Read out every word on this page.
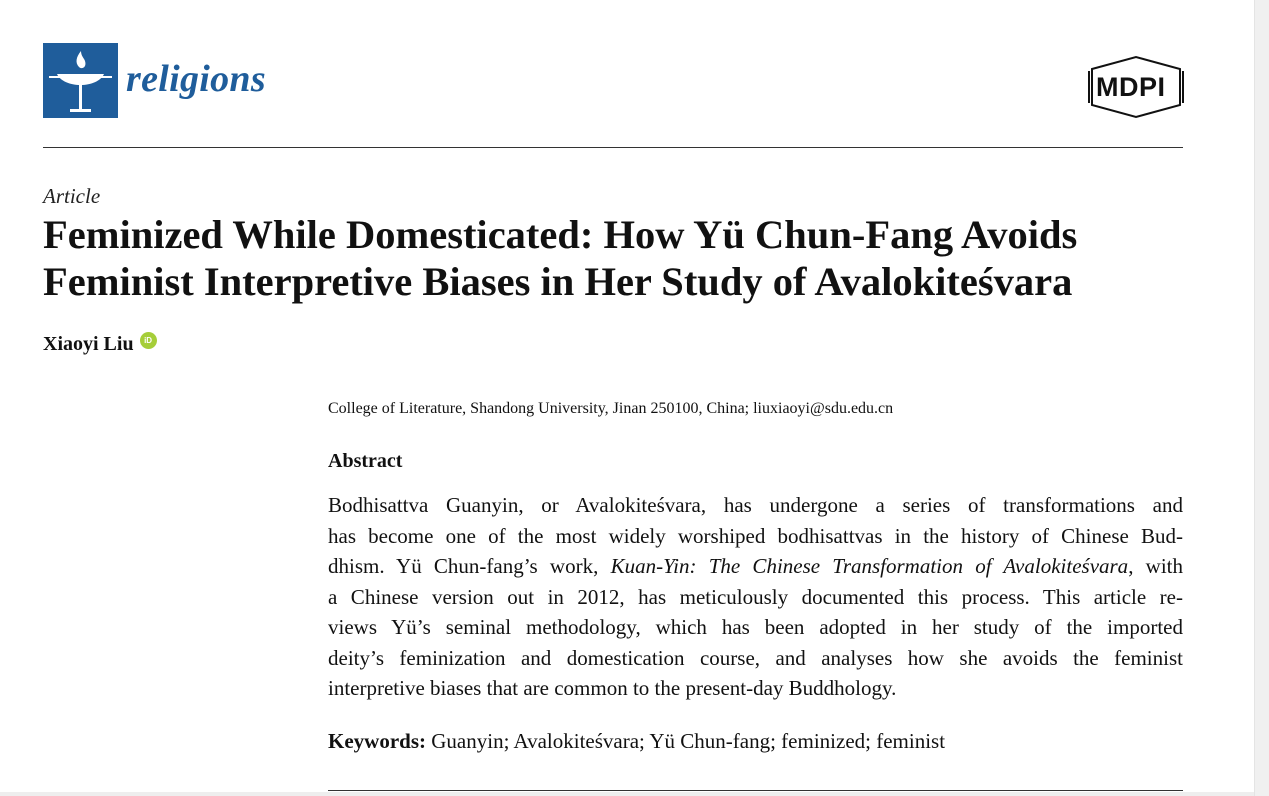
religions	MDPI
Article
Feminized While Domesticated: How Yü Chun-Fang Avoids
Feminist Interpretive Biases in Her Study of Avalokiteśvara
Xiaoyi Liu	iD
College of Literature, Shandong University, Jinan 250100, China; liuxiaoyi@sdu.edu.cn
Abstract
Bodhisattva Guanyin, or Avalokiteśvara, has undergone a series of transformations and
has become one of the most widely worshiped bodhisattvas in the history of Chinese Bud-
dhism. Yü Chun-fang’s work, Kuan-Yin: The Chinese Transformation of Avalokiteśvara, with
a Chinese version out in 2012, has meticulously documented this process. This article re-
views Yü’s seminal methodology, which has been adopted in her study of the imported
deity’s feminization and domestication course, and analyses how she avoids the feminist
interpretive biases that are common to the present-day Buddhology.
Keywords: Guanyin; Avalokiteśvara; Yü Chun-fang; feminized; feminist
